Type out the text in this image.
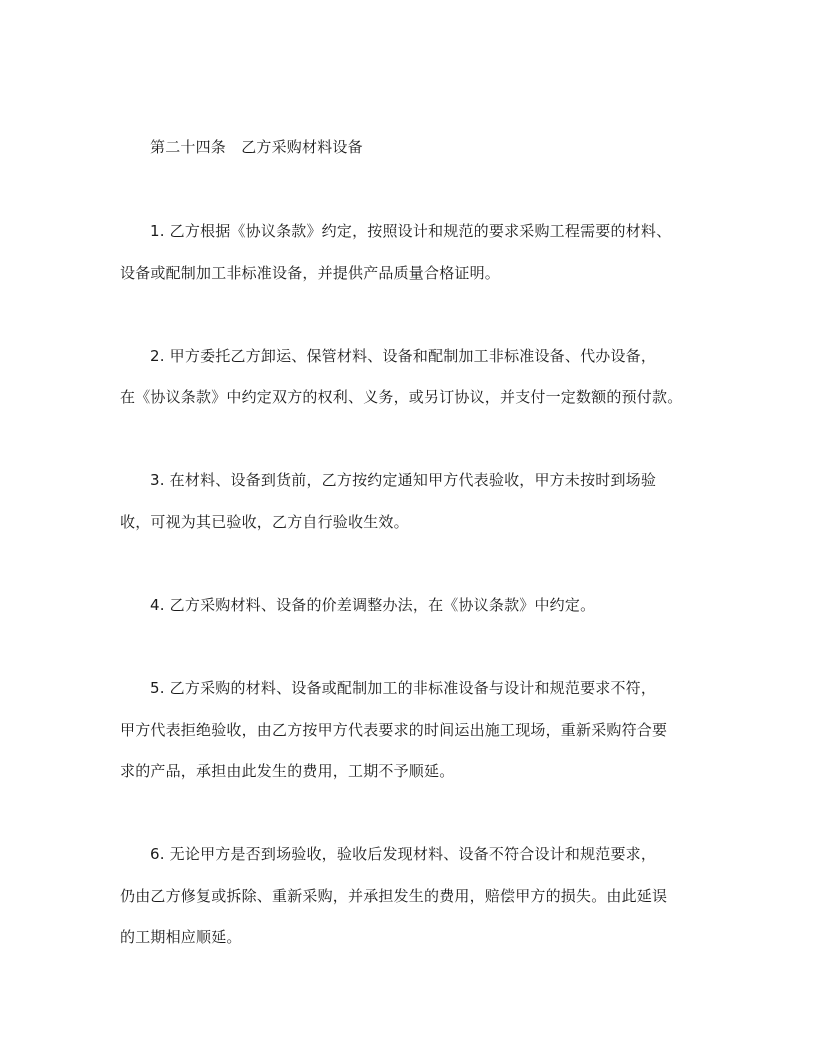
第二十四条　乙方采购材料设备
1. 乙方根据《协议条款》约定，按照设计和规范的要求采购工程需要的材料、
设备或配制加工非标准设备，并提供产品质量合格证明。
2. 甲方委托乙方卸运、保管材料、设备和配制加工非标准设备、代办设备，
在《协议条款》中约定双方的权利、义务，或另订协议，并支付一定数额的预付款。
3. 在材料、设备到货前，乙方按约定通知甲方代表验收，甲方未按时到场验
收，可视为其已验收，乙方自行验收生效。
4. 乙方采购材料、设备的价差调整办法，在《协议条款》中约定。
5. 乙方采购的材料、设备或配制加工的非标准设备与设计和规范要求不符，
甲方代表拒绝验收，由乙方按甲方代表要求的时间运出施工现场，重新采购符合要
求的产品，承担由此发生的费用，工期不予顺延。
6. 无论甲方是否到场验收，验收后发现材料、设备不符合设计和规范要求，
仍由乙方修复或拆除、重新采购，并承担发生的费用，赔偿甲方的损失。由此延误
的工期相应顺延。
